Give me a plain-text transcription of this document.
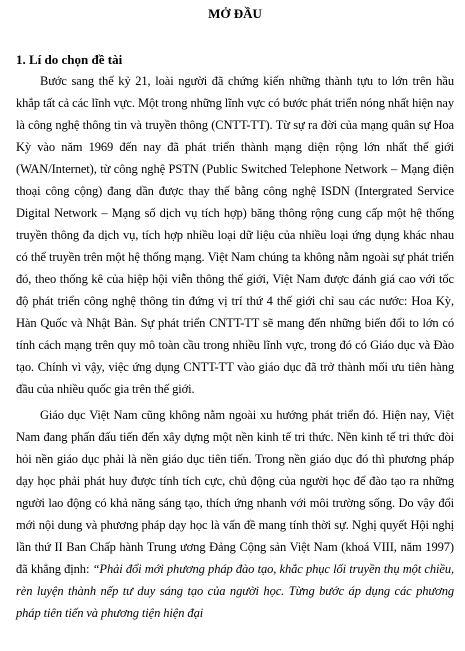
MỞ ĐẦU
1. Lí do chọn đề tài

Bước sang thế kỷ 21, loài người đã chứng kiến những thành tựu to lớn trên hầu khắp tất cả các lĩnh vực. Một trong những lĩnh vực có bước phát triển nóng nhất hiện nay là công nghệ thông tin và truyền thông (CNTT-TT). Từ sự ra đời của mạng quân sự Hoa Kỳ vào năm 1969 đến nay đã phát triển thành mạng diện rộng lớn nhất thế giới (WAN/Internet), từ công nghệ PSTN (Public Switched Telephone Network – Mạng điện thoại công cộng) đang dần được thay thế bằng công nghệ ISDN (Intergrated Service Digital Network – Mạng số dịch vụ tích hợp) băng thông rộng cung cấp một hệ thống truyền thông đa dịch vụ, tích hợp nhiều loại dữ liệu của nhiều loại ứng dụng khác nhau có thể truyền trên một hệ thống mạng. Việt Nam chúng ta không nằm ngoài sự phát triển đó, theo thống kê của hiệp hội viễn thông thế giới, Việt Nam được đánh giá cao với tốc độ phát triển công nghệ thông tin đứng vị trí thứ 4 thế giới chỉ sau các nước: Hoa Kỳ, Hàn Quốc và Nhật Bản. Sự phát triển CNTT-TT sẽ mang đến những biến đổi to lớn có tính cách mạng trên quy mô toàn cầu trong nhiều lĩnh vực, trong đó có Giáo dục và Đào tạo. Chính vì vậy, việc ứng dụng CNTT-TT vào giáo dục đã trở thành mối ưu tiên hàng đầu của nhiều quốc gia trên thế giới.

Giáo dục Việt Nam cũng không nằm ngoài xu hướng phát triển đó. Hiện nay, Việt Nam đang phấn đấu tiến đến xây dựng một nền kinh tế tri thức. Nền kinh tế tri thức đòi hỏi nền giáo dục phải là nền giáo dục tiên tiến. Trong nền giáo dục đó thì phương pháp dạy học phải phát huy được tính tích cực, chủ động của người học để đào tạo ra những người lao động có khả năng sáng tạo, thích ứng nhanh với môi trường sống. Do vậy đổi mới nội dung và phương pháp dạy học là vấn đề mang tính thời sự. Nghị quyết Hội nghị lần thứ II Ban Chấp hành Trung ương Đảng Cộng sản Việt Nam (khoá VIII, năm 1997) đã khẳng định: “Phải đổi mới phương pháp đào tạo, khắc phục lối truyền thụ một chiều, rèn luyện thành nếp tư duy sáng tạo của người học. Từng bước áp dụng các phương pháp tiên tiến và phương tiện hiện đại
